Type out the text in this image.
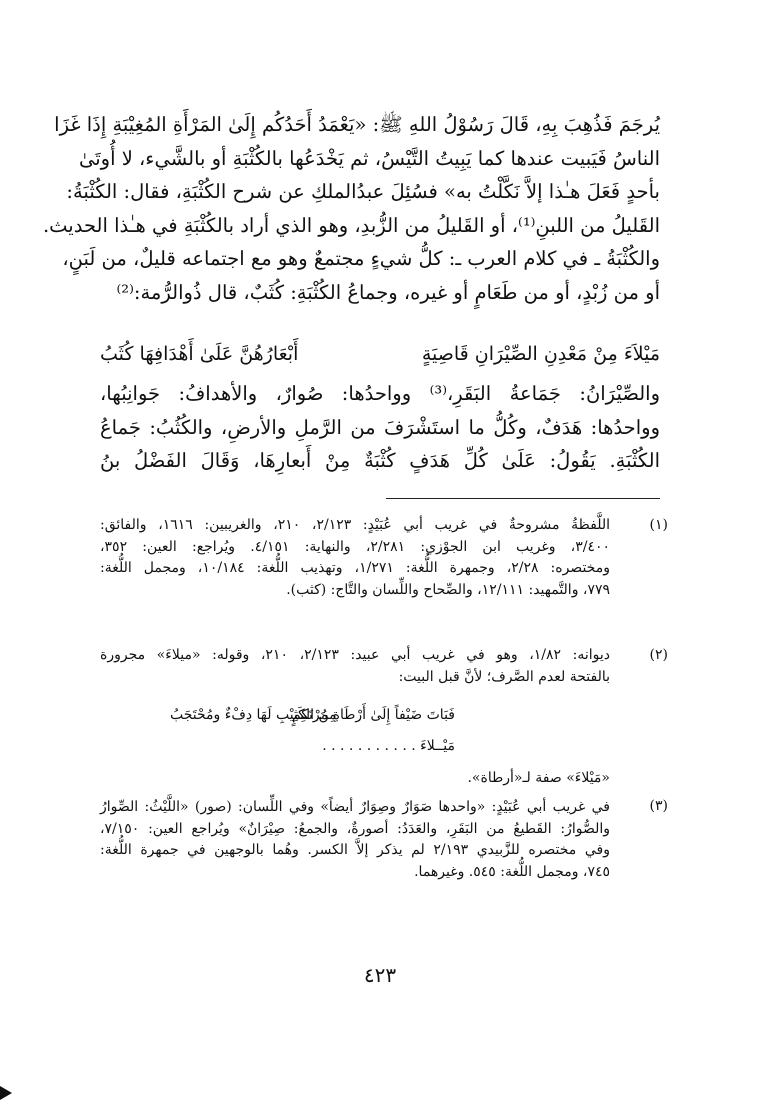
يُرجَمَ فَذُهِبَ بِهِ، قَالَ رَسُوْلُ اللهِ ﷺ: «يَعْمَدُ أَحَدُكُم إِلَىٰ المَرْأَةِ المُغِيْبَةِ إِذَا غَزَا
الناسُ فَيَبيت عندها كما يَبِيتُ التَّيْسُ، ثم يَخْدَعُها بالكُثْبَةِ أو بالشَّيء، لا أُوتَىٰ
بأحدٍ فَعَلَ هـٰذا إلاَّ نَكَّلْتُ به» فسُئِلَ عبدُالملكِ عن شرح الكُثْبَةِ، فقال: الكُثْبَةُ:
القَليلُ من اللبنِ⁽¹⁾، أو القَليلُ من الزُّبدِ، وهو الذي أراد بالكُثْبَةِ في هـٰذا الحديث.
والكُثْبَةُ ـ في كلام العرب ـ: كلُّ شيءٍ مجتمعٌ وهو مع اجتماعه قليلٌ، من لَبَنٍ،
أو من زُبْدٍ، أو من طَعَامٍ أو غيره، وجماعُ الكُثْبَةِ: كُثَبٌ، قال ذُوالرُّمة:⁽²⁾
مَيْلاَءَ مِنْ مَعْدِنِ الصِّيْرَانِ قَاصِيَةٍ
أَبْعَارُهُنَّ عَلَىٰ أَهْدَافِهَا كُثَبُ
والصِّيْرَانُ: جَمَاعةُ البَقَرِ،⁽³⁾ وواحدُها: صُوارٌ، والأهدافُ: جَوانِبُها،
وواحدُها: هَدَفٌ، وكُلُّ ما استَشْرَفَ من الرَّملِ والأرضِ، والكُثُبُ: جَماعُ
الكُثْبَةِ. يَقُولُ: عَلَىٰ كُلِّ هَدَفٍ كُثْبَةٌ مِنْ أَبعارِهَا، وَقَالَ الفَضْلُ بنُ
(١)
اللَّفظةُ مشروحةٌ في غريب أبي عُبَيْدٍ: ٢/١٢٣، ٢١٠، والغريبين: ١٦١٦، والفائق:
٣/٤٠٠، وغريب ابن الجوْزي: ٢/٢٨١، والنهاية: ٤/١٥١. ويُراجع: العين: ٣٥٢،
ومختصره: ٢/٢٨، وجمهرة اللُّغة: ١/٢٧١، وتهذيب اللُّغة: ١٠/١٨٤، ومجمل اللُّغة:
٧٧٩، والتَّمهيد: ١٢/١١١، والصِّحاح واللِّسان والتَّاج: (كثب).
(٢)
ديوانه: ١/٨٢، وهو في غريب أبي عبيد: ٢/١٢٣، ٢١٠، وقوله: «ميلاءَ» مجرورة
بالفتحة لعدم الصَّرف؛ لأنَّ قبل البيت:
فَبَاتَ ضَيْفاً إِلَىٰ أَرْطَاةِ مُرْتَكِمٍ
مِنَ الكَثِيْبِ لَهَا دِفْءٌ ومُحْتَجَبُ
مَيْــلاءَ . . . . . . . . . . .
«مَيْلاءَ» صفة لـ«أرطاة».
(٣)
في غريب أبي عُبَيْدٍ: «واحدها صَوَارٌ وصِوَارٌ أيضاً» وفي اللِّسان: (صور) «اللَّيْثُ: الصِّوارُ
والصُّوارُ: القَطيعُ من البَقَرِ، والعَدَدُ: أصورةٌ، والجمعُ: صِيْرَانٌ» ويُراجع العين: ٧/١٥٠،
وفي مختصره للزَّبيدي ٢/١٩٣ لم يذكر إلاَّ الكسر. وهُما بالوجهين في جمهرة اللُّغة:
٧٤٥، ومجمل اللُّغة: ٥٤٥. وغيرهما.
٤٢٣
